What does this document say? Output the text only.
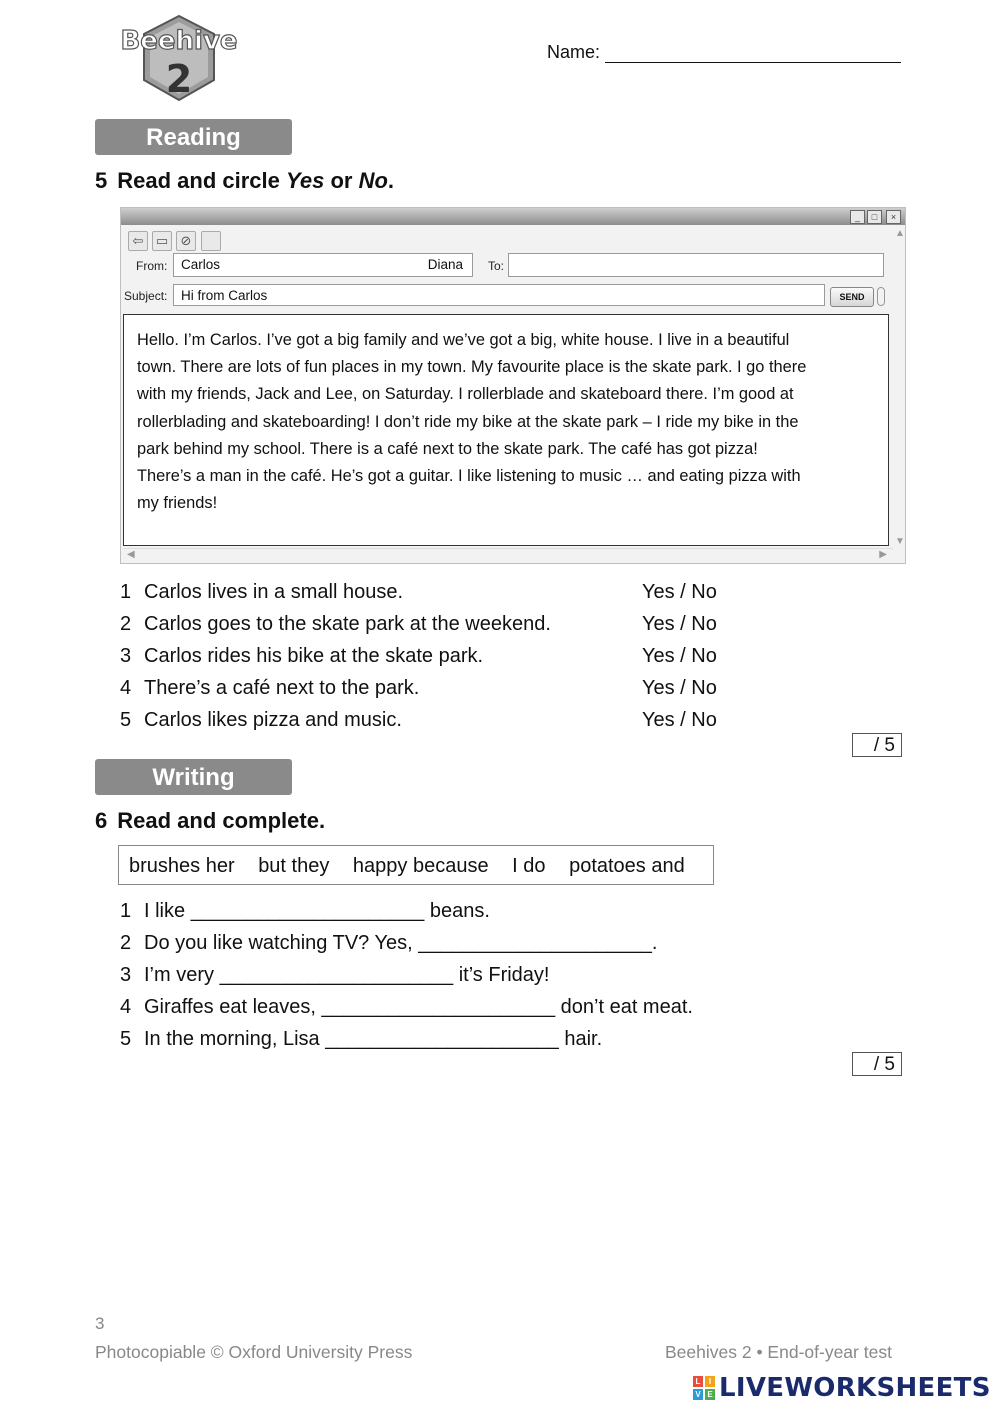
Beehive
2
Name:
Reading
5 Read and circle Yes or No.
_	□	×
⇦ ▭ ⊘
From:	Carlos	Diana To:
Subject:	Hi from Carlos	SEND
Hello. I’m Carlos. I’ve got a big family and we’ve got a big, white house. I live in a beautiful
town. There are lots of fun places in my town. My favourite place is the skate park. I go there
with my friends, Jack and Lee, on Saturday. I rollerblade and skateboard there. I’m good at
rollerblading and skateboarding! I don’t ride my bike at the skate park – I ride my bike in the
park behind my school. There is a café next to the skate park. The café has got pizza!
There’s a man in the café. He’s got a guitar. I like listening to music … and eating pizza with
my friends!
▲
▼
◀	▶
1 Carlos lives in a small house.	Yes / No
2 Carlos goes to the skate park at the weekend.	Yes / No
3 Carlos rides his bike at the skate park.	Yes / No
4 There’s a café next to the park.	Yes / No
5 Carlos likes pizza and music.	Yes / No
/ 5
Writing
6 Read and complete.
brushes her but they happy because I do potatoes and
1 I like _____________________ beans.
2 Do you like watching TV? Yes, _____________________.
3 I’m very _____________________ it’s Friday!
4 Giraffes eat leaves, _____________________ don’t eat meat.
5 In the morning, Lisa _____________________ hair.
/ 5
3
Photocopiable © Oxford University Press	Beehives 2 • End-of-year test
L	I
V E LIVEWORKSHEETS
